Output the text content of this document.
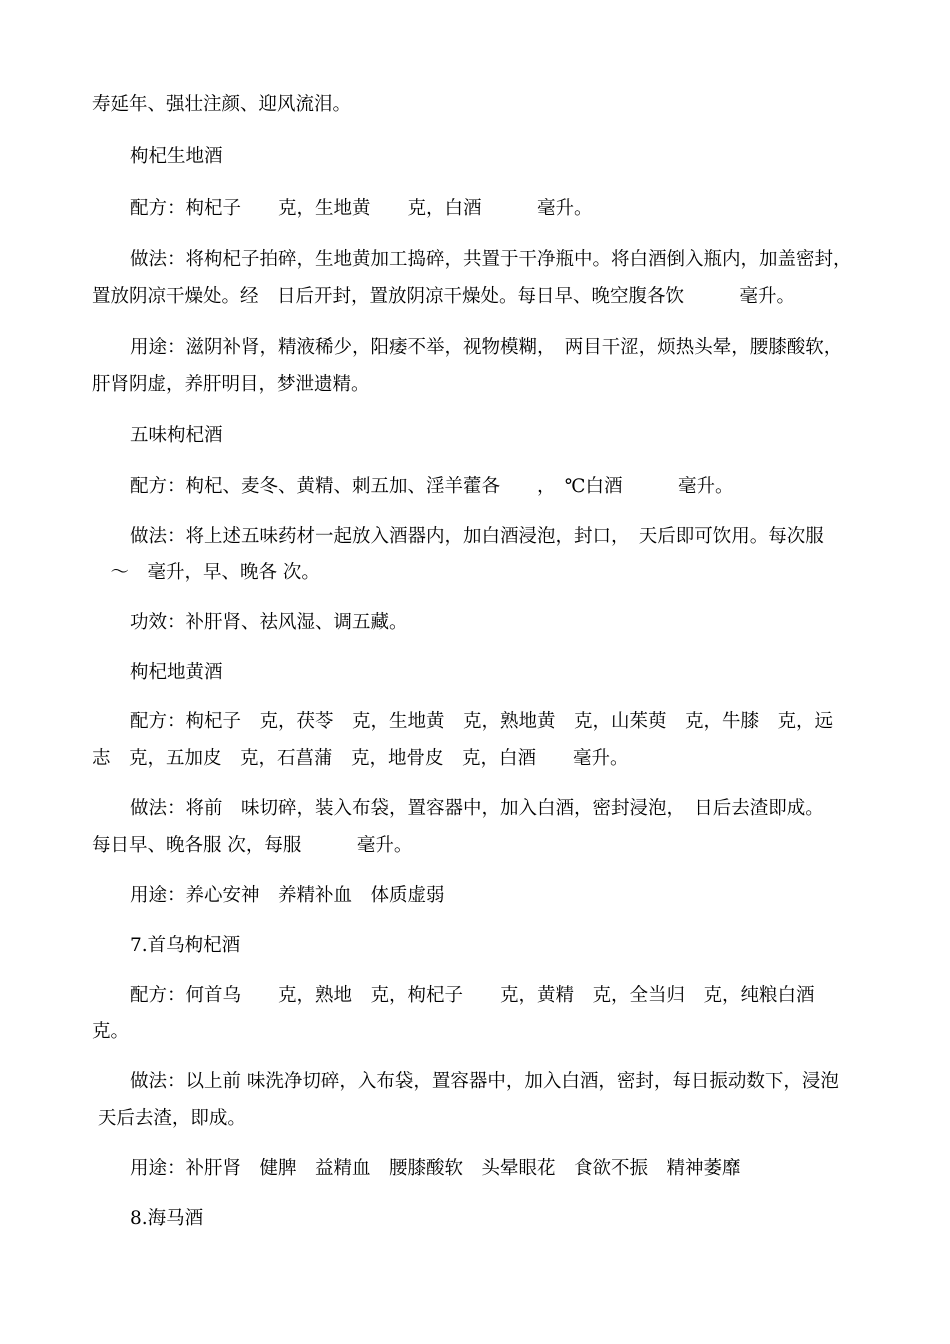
寿延年、强壮注颜、迎风流泪。
枸杞生地酒
配方：枸杞子　　克，生地黄　　克，白酒　　　毫升。
做法：将枸杞子拍碎，生地黄加工捣碎，共置于干净瓶中。将白酒倒入瓶内，加盖密封，
置放阴凉干燥处。经　日后开封，置放阴凉干燥处。每日早、晚空腹各饮　　　毫升。
用途：滋阴补肾，精液稀少，阳痿不举，视物模糊，　两目干涩，烦热头晕，腰膝酸软，
肝肾阴虚，养肝明目，梦泄遗精。
五味枸杞酒
配方：枸杞、麦冬、黄精、刺五加、淫羊藿各　　，　℃白酒　　　毫升。
做法：将上述五味药材一起放入酒器内，加白酒浸泡，封口，　天后即可饮用。每次服
　～　毫升，早、晚各 次。
功效：补肝肾、祛风湿、调五藏。
枸杞地黄酒
配方：枸杞子　克，茯苓　克，生地黄　克，熟地黄　克，山茱萸　克，牛膝　克，远
志　克，五加皮　克，石菖蒲　克，地骨皮　克，白酒　　毫升。
做法：将前　味切碎，装入布袋，置容器中，加入白酒，密封浸泡，　日后去渣即成。
每日早、晚各服 次，每服　　　毫升。
用途：养心安神　养精补血　体质虚弱
7.首乌枸杞酒
配方：何首乌　　克，熟地　克，枸杞子　　克，黄精　克，全当归　克，纯粮白酒
克。
做法：以上前 味洗净切碎，入布袋，置容器中，加入白酒，密封，每日振动数下，浸泡
天后去渣，即成。
用途：补肝肾　健脾　益精血　腰膝酸软　头晕眼花　食欲不振　精神萎靡
8.海马酒
